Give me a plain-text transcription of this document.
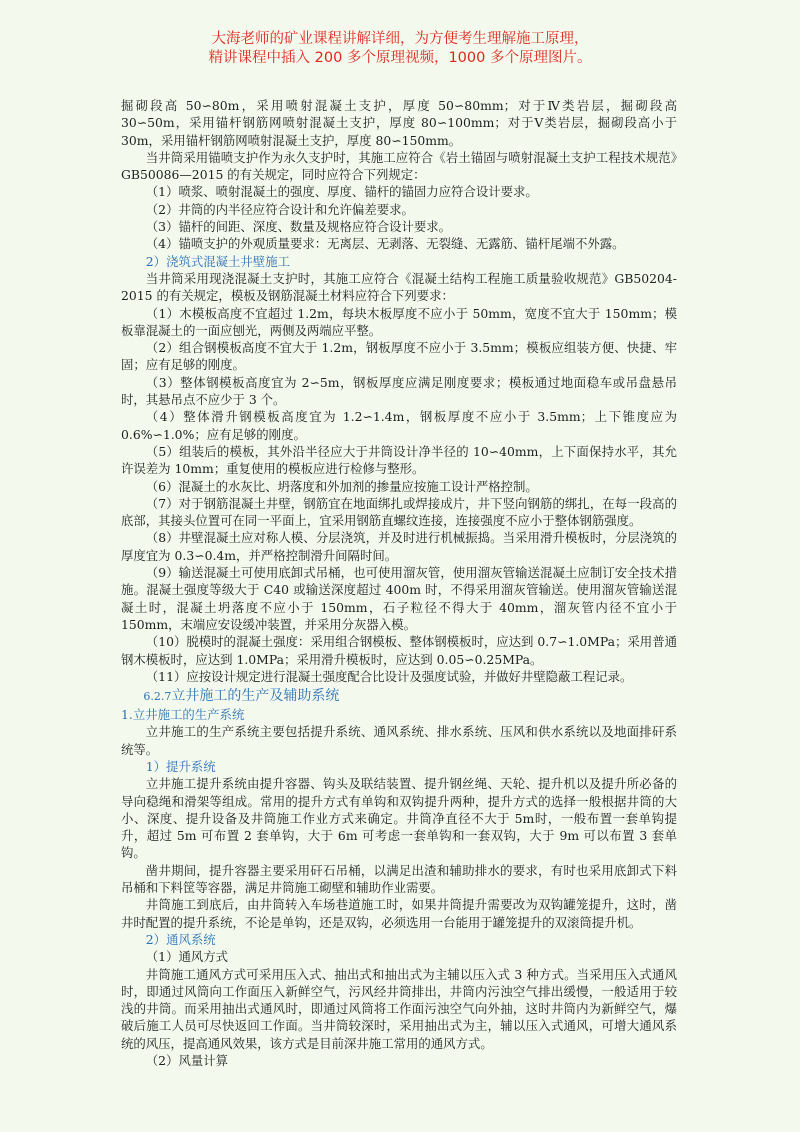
大海老师的矿业课程讲解详细，为方便考生理解施工原理，
精讲课程中插入 200 多个原理视频，1000 多个原理图片。

掘砌段高 50∽80m，采用喷射混凝土支护，厚度 50∽80mm；对于Ⅳ类岩层，掘砌段高 30∽50m，采用锚杆钢筋网喷射混凝土支护，厚度 80∽100mm；对于Ⅴ类岩层，掘砌段高小于 30m，采用锚杆钢筋网喷射混凝土支护，厚度 80∽150mm。

当井筒采用锚喷支护作为永久支护时，其施工应符合《岩土锚固与喷射混凝土支护工程技术规范》GB50086—2015 的有关规定，同时应符合下列规定：

（1）喷浆、喷射混凝土的强度、厚度、锚杆的锚固力应符合设计要求。

（2）井筒的内半径应符合设计和允许偏差要求。

（3）锚杆的间距、深度、数量及规格应符合设计要求。

（4）锚喷支护的外观质量要求：无离层、无剥落、无裂缝、无露筋、锚杆尾端不外露。

2）浇筑式混凝土井壁施工

当井筒采用现浇混凝土支护时，其施工应符合《混凝土结构工程施工质量验收规范》GB50204-2015 的有关规定，模板及钢筋混凝土材料应符合下列要求：

（1）木模板高度不宜超过 1.2m，每块木板厚度不应小于 50mm，宽度不宜大于 150mm；模板靠混凝土的一面应刨光，两侧及两端应平整。

（2）组合钢模板高度不宜大于 1.2m，钢板厚度不应小于 3.5mm；模板应组装方便、快捷、牢固；应有足够的刚度。

（3）整体钢模板高度宜为 2∽5m，钢板厚度应满足刚度要求；模板通过地面稳车或吊盘悬吊时，其悬吊点不应少于 3 个。

（4）整体滑升钢模板高度宜为 1.2∽1.4m，钢板厚度不应小于 3.5mm；上下锥度应为 0.6%∽1.0%；应有足够的刚度。

（5）组装后的模板，其外沿半径应大于井筒设计净半径的 10∽40mm，上下面保持水平，其允许误差为 10mm；重复使用的模板应进行检修与整形。

（6）混凝土的水灰比、坍落度和外加剂的掺量应按施工设计严格控制。

（7）对于钢筋混凝土井壁，钢筋宜在地面绑扎或焊接成片，井下竖向钢筋的绑扎，在每一段高的底部，其接头位置可在同一平面上，宜采用钢筋直螺纹连接，连接强度不应小于整体钢筋强度。

（8）井壁混凝土应对称人模、分层浇筑，并及时进行机械振捣。当采用滑升模板时，分层浇筑的厚度宜为 0.3∽0.4m，并严格控制滑升间隔时间。

（9）输送混凝土可使用底卸式吊桶，也可使用溜灰管，使用溜灰管输送混凝土应制订安全技术措施。混凝土强度等级大于 C40 或输送深度超过 400m 时，不得采用溜灰管输送。使用溜灰管输送混凝土时，混凝土坍落度不应小于 150mm，石子粒径不得大于 40mm，溜灰管内径不宜小于 150mm，末端应安设缓冲装置，并采用分灰器入模。

（10）脱模时的混凝土强度：采用组合钢模板、整体钢模板时，应达到 0.7∽1.0MPa；采用普通钢木模板时，应达到 1.0MPa；采用滑升模板时，应达到 0.05∽0.25MPa。

（11）应按设计规定进行混凝土强度配合比设计及强度试验，并做好井壁隐蔽工程记录。

6.2.7立井施工的生产及辅助系统

1.立井施工的生产系统

立井施工的生产系统主要包括提升系统、通风系统、排水系统、压风和供水系统以及地面排矸系统等。

1）提升系统

立井施工提升系统由提升容器、钩头及联结装置、提升钢丝绳、天轮、提升机以及提升所必备的导向稳绳和滑架等组成。常用的提升方式有单钩和双钩提升两种，提升方式的选择一般根据井筒的大小、深度、提升设备及井筒施工作业方式来确定。井筒净直径不大于 5m时，一般布置一套单钩提升，超过 5m 可布置 2 套单钩，大于 6m 可考虑一套单钩和一套双钩，大于 9m 可以布置 3 套单钩。

凿井期间，提升容器主要采用矸石吊桶，以满足出渣和辅助排水的要求，有时也采用底卸式下料吊桶和下料筐等容器，满足井筒施工砌壁和辅助作业需要。

井筒施工到底后，由井筒转入车场巷道施工时，如果井筒提升需要改为双钩罐笼提升，这时，凿井时配置的提升系统，不论是单钩，还是双钩，必须选用一台能用于罐笼提升的双滚筒提升机。

2）通风系统

（1）通风方式

井筒施工通风方式可采用压入式、抽出式和抽出式为主辅以压入式 3 种方式。当采用压入式通风时，即通过风筒向工作面压入新鲜空气，污风经井筒排出，井筒内污浊空气排出缓慢，一般适用于较浅的井筒。而采用抽出式通风时，即通过风筒将工作面污浊空气向外抽，这时井筒内为新鲜空气，爆破后施工人员可尽快返回工作面。当井筒较深时，采用抽出式为主，辅以压入式通风，可增大通风系统的风压，提高通风效果，该方式是目前深井施工常用的通风方式。

（2）风量计算
